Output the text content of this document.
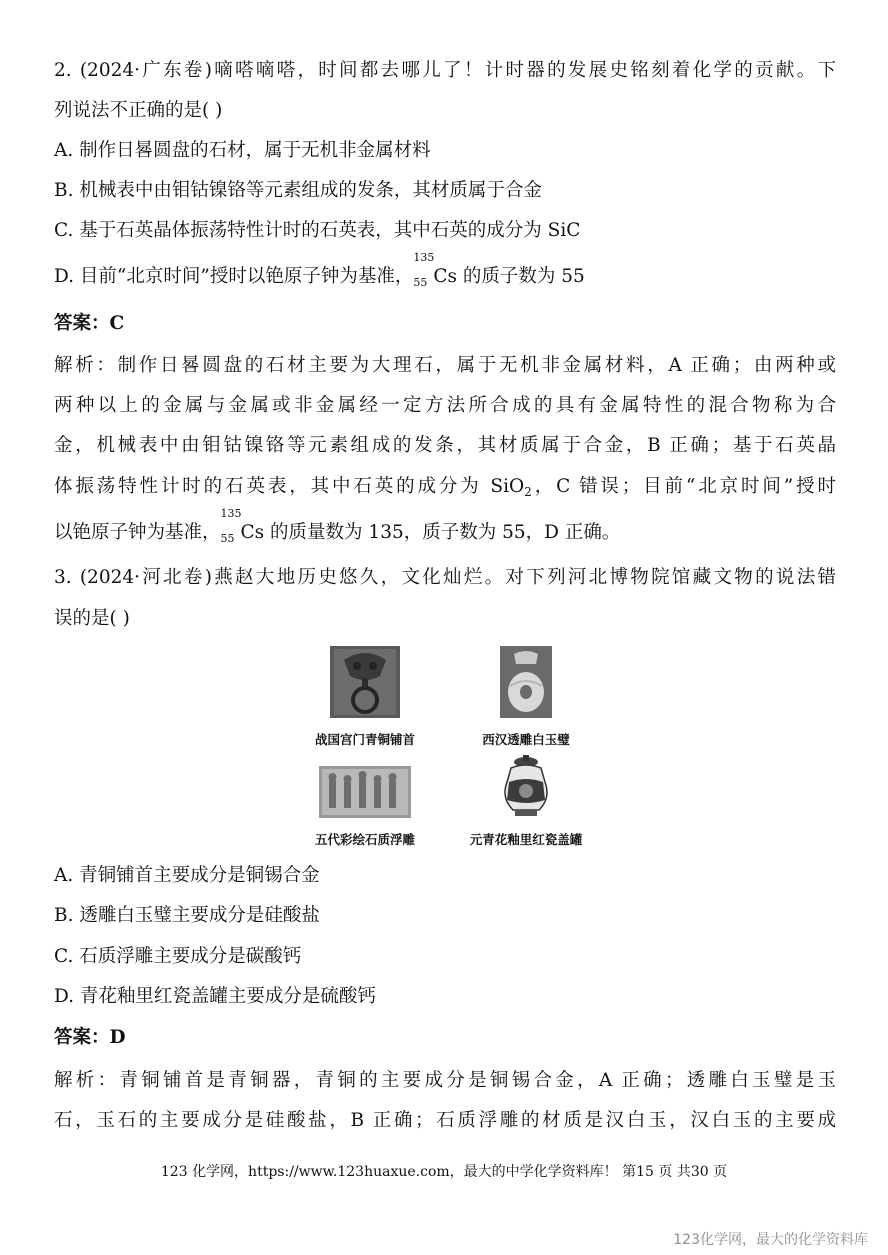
2. (2024·广东卷)嘀嗒嘀嗒，时间都去哪儿了！计时器的发展史铭刻着化学的贡献。下
列说法不正确的是( )
A. 制作日晷圆盘的石材，属于无机非金属材料
B. 机械表中由钼钴镍铬等元素组成的发条，其材质属于合金
C. 基于石英晶体振荡特性计时的石英表，其中石英的成分为 SiC
D. 目前“北京时间”授时以铯原子钟为基准，
135
55 Cs 的质子数为 55
答案：C
解析：制作日晷圆盘的石材主要为大理石，属于无机非金属材料，A 正确；由两种或
两种以上的金属与金属或非金属经一定方法所合成的具有金属特性的混合物称为合
金，机械表中由钼钴镍铬等元素组成的发条，其材质属于合金，B 正确；基于石英晶
体振荡特性计时的石英表，其中石英的成分为 SiO$_2$，C 错误；目前“北京时间”授时
以铯原子钟为基准，
135
55 Cs 的质量数为 135，质子数为 55，D 正确。
3. (2024·河北卷)燕赵大地历史悠久，文化灿烂。对下列河北博物院馆藏文物的说法错
误的是( )
战国宫门青铜铺首	西汉透雕白玉璧
五代彩绘石质浮雕	元青花釉里红瓷盖罐
A. 青铜铺首主要成分是铜锡合金
B. 透雕白玉璧主要成分是硅酸盐
C. 石质浮雕主要成分是碳酸钙
D. 青花釉里红瓷盖罐主要成分是硫酸钙
答案：D
解析：青铜铺首是青铜器，青铜的主要成分是铜锡合金，A 正确；透雕白玉璧是玉
石，玉石的主要成分是硅酸盐，B 正确；石质浮雕的材质是汉白玉，汉白玉的主要成
123 化学网，https://www.123huaxue.com，最大的中学化学资料库！ 第15 页 共30 页
123化学网，最大的化学资料库
